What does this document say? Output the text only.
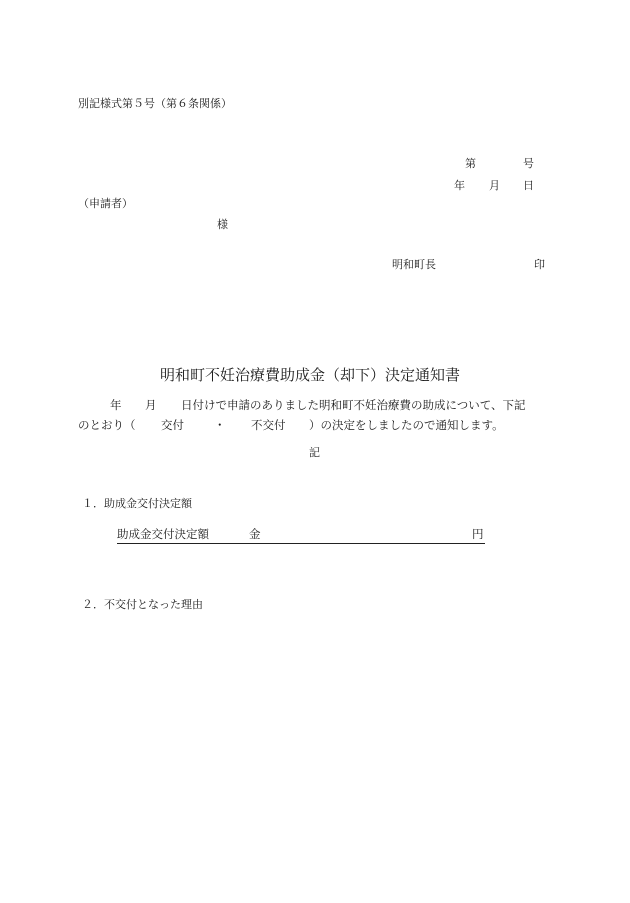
別記様式第５号（第６条関係）
第	号
年 月 日
（申請者）
様
明和町長	印
明和町不妊治療費助成金（却下）決定通知書
年 月 日付けで申請のありました明和町不妊治療費の助成について、下記
のとおり（ 交付	・ 不交付 ）の決定をしましたので通知します。
記
１．助成金交付決定額
助成金交付決定額	金	円
２．不交付となった理由
